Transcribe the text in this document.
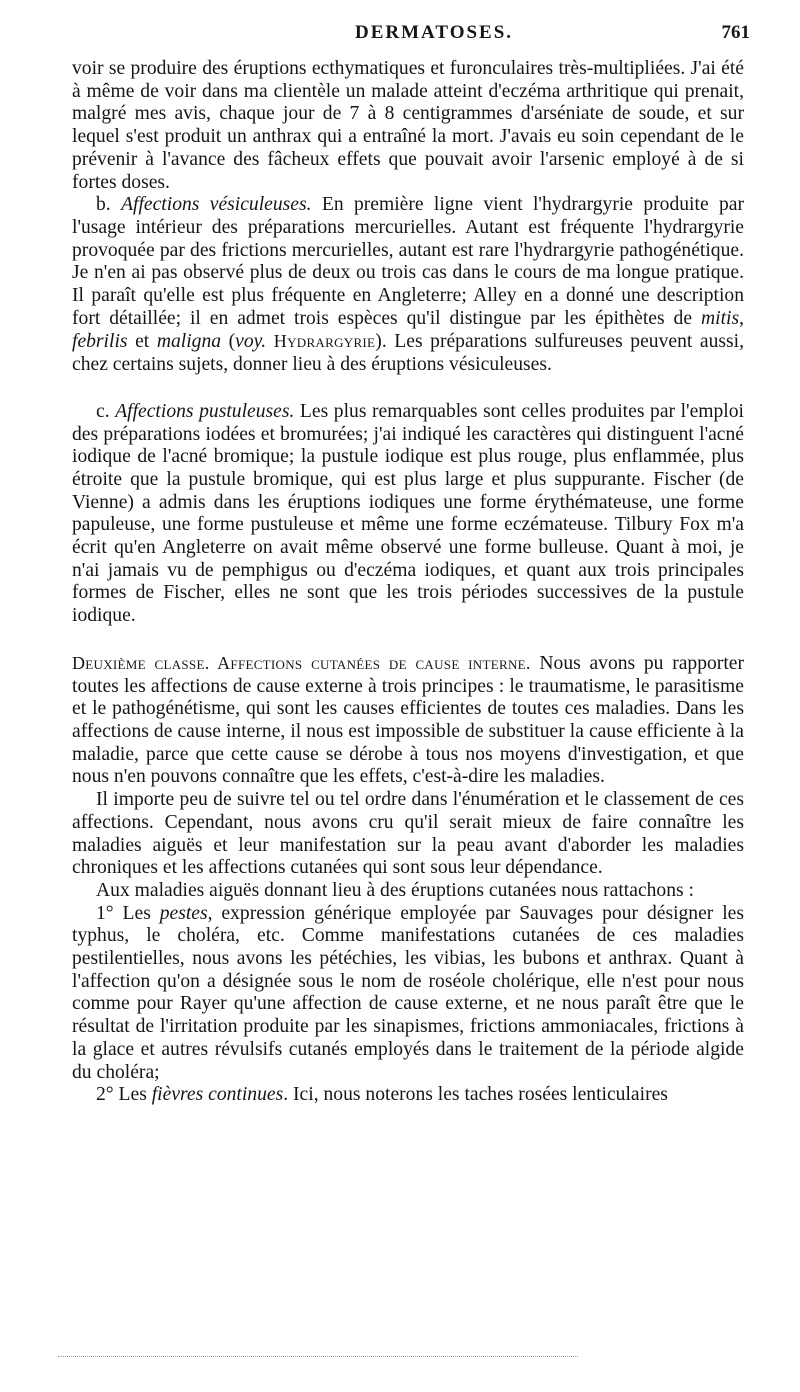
DERMATOSES.	761

voir se produire des éruptions ecthymatiques et furonculaires très-multipliées. J'ai été à même de voir dans ma clientèle un malade atteint d'eczéma arthritique qui prenait, malgré mes avis, chaque jour de 7 à 8 centigrammes d'arséniate de soude, et sur lequel s'est produit un anthrax qui a entraîné la mort. J'avais eu soin cependant de le prévenir à l'avance des fâcheux effets que pouvait avoir l'arsenic employé à de si fortes doses.

b. Affections vésiculeuses. En première ligne vient l'hydrargyrie produite par l'usage intérieur des préparations mercurielles. Autant est fréquente l'hydrargyrie provoquée par des frictions mercurielles, autant est rare l'hydrargyrie pathogénétique. Je n'en ai pas observé plus de deux ou trois cas dans le cours de ma longue pratique. Il paraît qu'elle est plus fréquente en Angleterre; Alley en a donné une description fort détaillée; il en admet trois espèces qu'il distingue par les épithètes de mitis, febrilis et maligna (voy. Hydrargyrie). Les préparations sulfureuses peuvent aussi, chez certains sujets, donner lieu à des éruptions vésiculeuses.

c. Affections pustuleuses. Les plus remarquables sont celles produites par l'emploi des préparations iodées et bromurées; j'ai indiqué les caractères qui distinguent l'acné iodique de l'acné bromique; la pustule iodique est plus rouge, plus enflammée, plus étroite que la pustule bromique, qui est plus large et plus suppurante. Fischer (de Vienne) a admis dans les éruptions iodiques une forme érythémateuse, une forme papuleuse, une forme pustuleuse et même une forme eczémateuse. Tilbury Fox m'a écrit qu'en Angleterre on avait même observé une forme bulleuse. Quant à moi, je n'ai jamais vu de pemphigus ou d'eczéma iodiques, et quant aux trois principales formes de Fischer, elles ne sont que les trois périodes successives de la pustule iodique.

Deuxième classe. Affections cutanées de cause interne. Nous avons pu rapporter toutes les affections de cause externe à trois principes : le traumatisme, le parasitisme et le pathogénétisme, qui sont les causes efficientes de toutes ces maladies. Dans les affections de cause interne, il nous est impossible de substituer la cause efficiente à la maladie, parce que cette cause se dérobe à tous nos moyens d'investigation, et que nous n'en pouvons connaître que les effets, c'est-à-dire les maladies.

Il importe peu de suivre tel ou tel ordre dans l'énumération et le classement de ces affections. Cependant, nous avons cru qu'il serait mieux de faire connaître les maladies aiguës et leur manifestation sur la peau avant d'aborder les maladies chroniques et les affections cutanées qui sont sous leur dépendance.

Aux maladies aiguës donnant lieu à des éruptions cutanées nous rattachons :

1° Les pestes, expression générique employée par Sauvages pour désigner les typhus, le choléra, etc. Comme manifestations cutanées de ces maladies pestilentielles, nous avons les pétéchies, les vibias, les bubons et anthrax. Quant à l'affection qu'on a désignée sous le nom de roséole cholérique, elle n'est pour nous comme pour Rayer qu'une affection de cause externe, et ne nous paraît être que le résultat de l'irritation produite par les sinapismes, frictions ammoniacales, frictions à la glace et autres révulsifs cutanés employés dans le traitement de la période algide du choléra;

2° Les fièvres continues. Ici, nous noterons les taches rosées lenticulaires
